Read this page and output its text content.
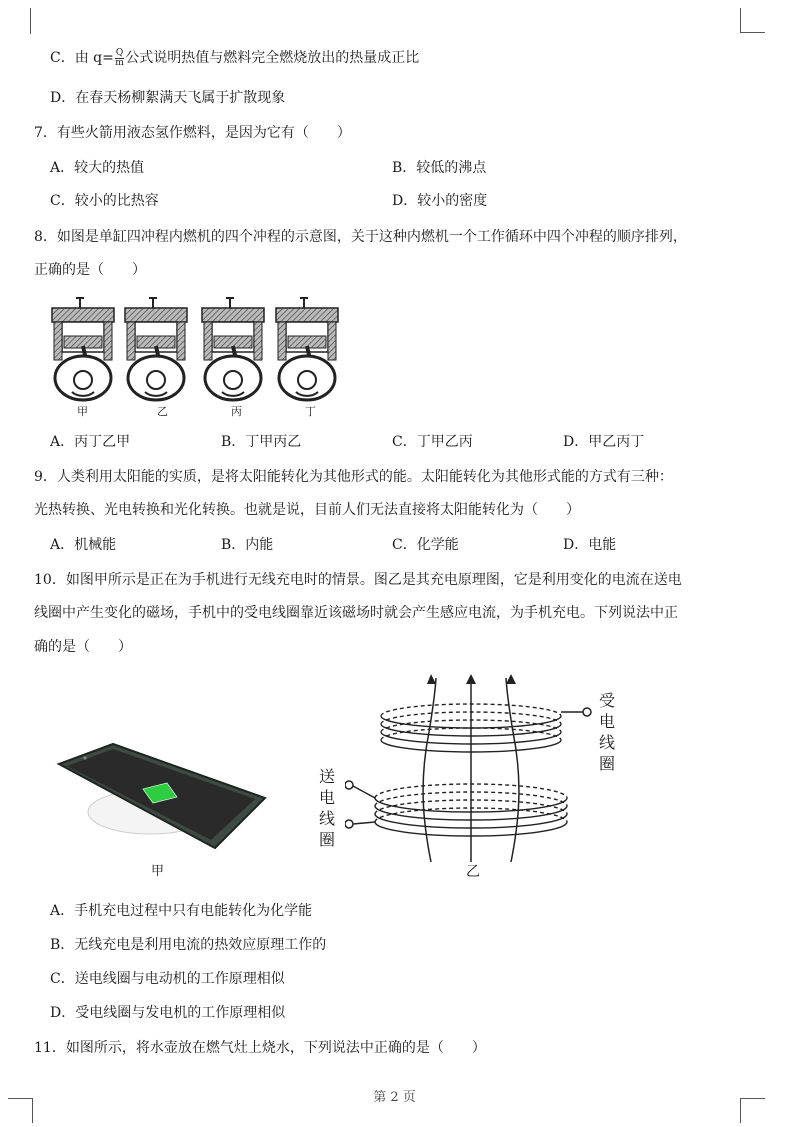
C．由 $q= \frac{Q}{m}$ 公式说明热值与燃料完全燃烧放出的热量成正比
D．在春天杨柳絮满天飞属于扩散现象
7．有些火箭用液态氢作燃料，是因为它有（　　）
A．较大的热值	B．较低的沸点
C．较小的比热容	D．较小的密度
8．如图是单缸四冲程内燃机的四个冲程的示意图，关于这种内燃机一个工作循环中四个冲程的顺序排列，
正确的是（　　）
甲	乙	丙	丁
A．丙丁乙甲	B．丁甲丙乙	C．丁甲乙丙	D．甲乙丙丁
9．人类利用太阳能的实质，是将太阳能转化为其他形式的能。太阳能转化为其他形式能的方式有三种：
光热转换、光电转换和光化转换。也就是说，目前人们无法直接将太阳能转化为（　　）
A．机械能	B．内能	C．化学能	D．电能
10．如图甲所示是正在为手机进行无线充电时的情景。图乙是其充电原理图，它是利用变化的电流在送电
线圈中产生变化的磁场，手机中的受电线圈靠近该磁场时就会产生感应电流，为手机充电。下列说法中正
确的是（　　）
甲
受
电
线
圈
送
电
线
圈
乙
A．手机充电过程中只有电能转化为化学能
B．无线充电是利用电流的热效应原理工作的
C．送电线圈与电动机的工作原理相似
D．受电线圈与发电机的工作原理相似
11．如图所示，将水壶放在燃气灶上烧水，下列说法中正确的是（　　）
第 2 页
